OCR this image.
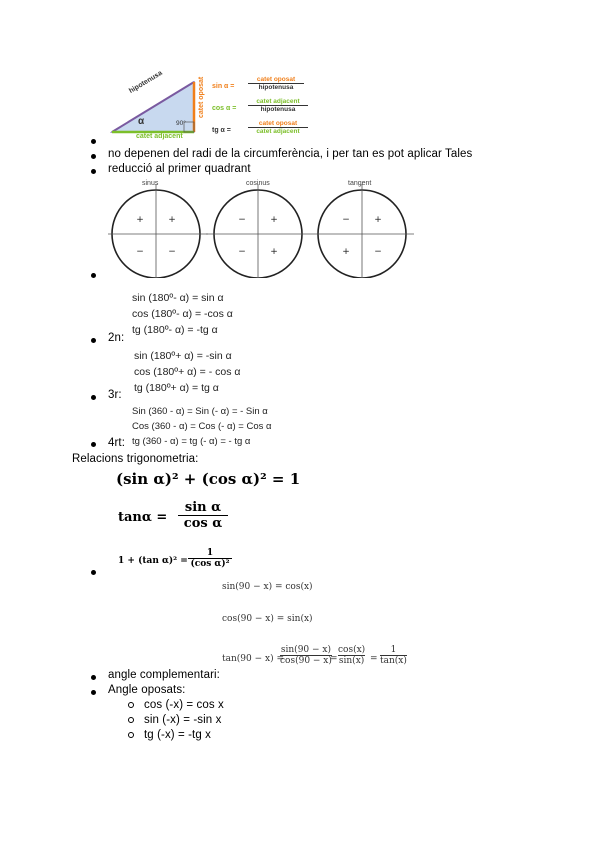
hipotenusa	catet oposat
catet adjacent
α	90°
sin α =
catet oposat
hipotenusa
cos α =
catet adjacent
hipotenusa
tg α =
catet oposat
catet adjacent
no depenen del radi de la circumferència, i per tan es pot aplicar Tales
reducció al primer quadrant
+	+
−	−
−	+
−	+
−	+
+	−
sinus	cosinus	tangent
sin (180º- α) = sin α
cos (180º- α) = -cos α
tg (180º- α) = -tg α
2n:
sin (180º+ α) = -sin α
cos (180º+ α) = - cos α
tg (180º+ α) = tg α
3r:
Sin (360 - α) = Sin (- α) = - Sin α
Cos (360 - α) = Cos (- α) = Cos α
tg (360 - α) = tg (- α) = - tg α
4rt:
Relacions trigonometria:
(sin α)² + (cos α)² = 1
$\tan\alpha = \frac{\text{sin α}}{\text{cos α}}$
1 + (tan $\alpha)^2 = \frac{1}{\text{(cos α)²}}$
sin(90 − x) = cos(x)
cos(90 − x) = sin(x)
tan(90 − x) =
$\frac{\sin(90 - x)}{\cos(90 - x)}$
= $\frac{\cos(x)}{\sin(x)} = \frac{1}{\tan(x)}$
angle complementari:
Angle oposats:
cos (-x) = cos x
sin (-x) = -sin x
tg (-x) = -tg x
